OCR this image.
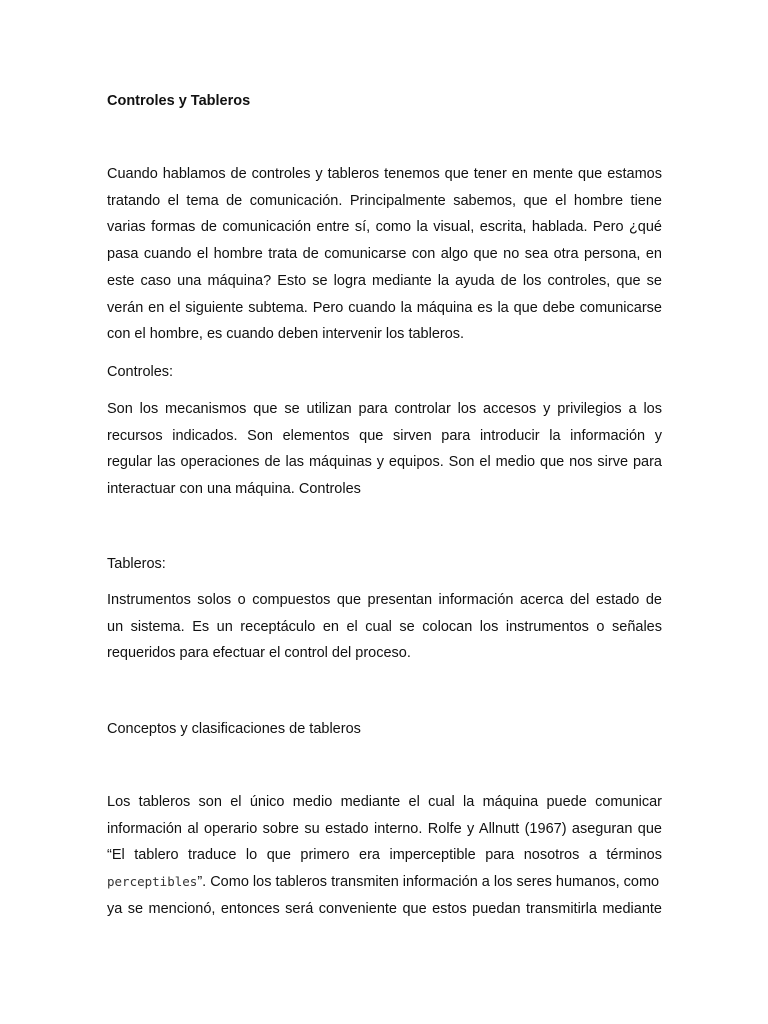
Controles y Tableros
Cuando hablamos de controles y tableros tenemos que tener en mente que estamos
tratando el tema de comunicación. Principalmente sabemos, que el hombre tiene
varias formas de comunicación entre sí, como la visual, escrita, hablada. Pero ¿qué
pasa cuando el hombre trata de comunicarse con algo que no sea otra persona, en
este caso una máquina? Esto se logra mediante la ayuda de los controles, que se
verán en el siguiente subtema. Pero cuando la máquina es la que debe comunicarse
con el hombre, es cuando deben intervenir los tableros.

Controles:

Son los mecanismos que se utilizan para controlar los accesos y privilegios a los
recursos indicados. Son elementos que sirven para introducir la información y
regular las operaciones de las máquinas y equipos. Son el medio que nos sirve para
interactuar con una máquina. Controles

Tableros:

Instrumentos solos o compuestos que presentan información acerca del estado de
un sistema. Es un receptáculo en el cual se colocan los instrumentos o señales
requeridos para efectuar el control del proceso.

Conceptos y clasificaciones de tableros

Los tableros son el único medio mediante el cual la máquina puede comunicar
información al operario sobre su estado interno. Rolfe y Allnutt (1967) aseguran que
“El tablero traduce lo que primero era imperceptible para nosotros a términos
perceptibles”. Como los tableros transmiten información a los seres humanos, como
ya se mencionó, entonces será conveniente que estos puedan transmitirla mediante
